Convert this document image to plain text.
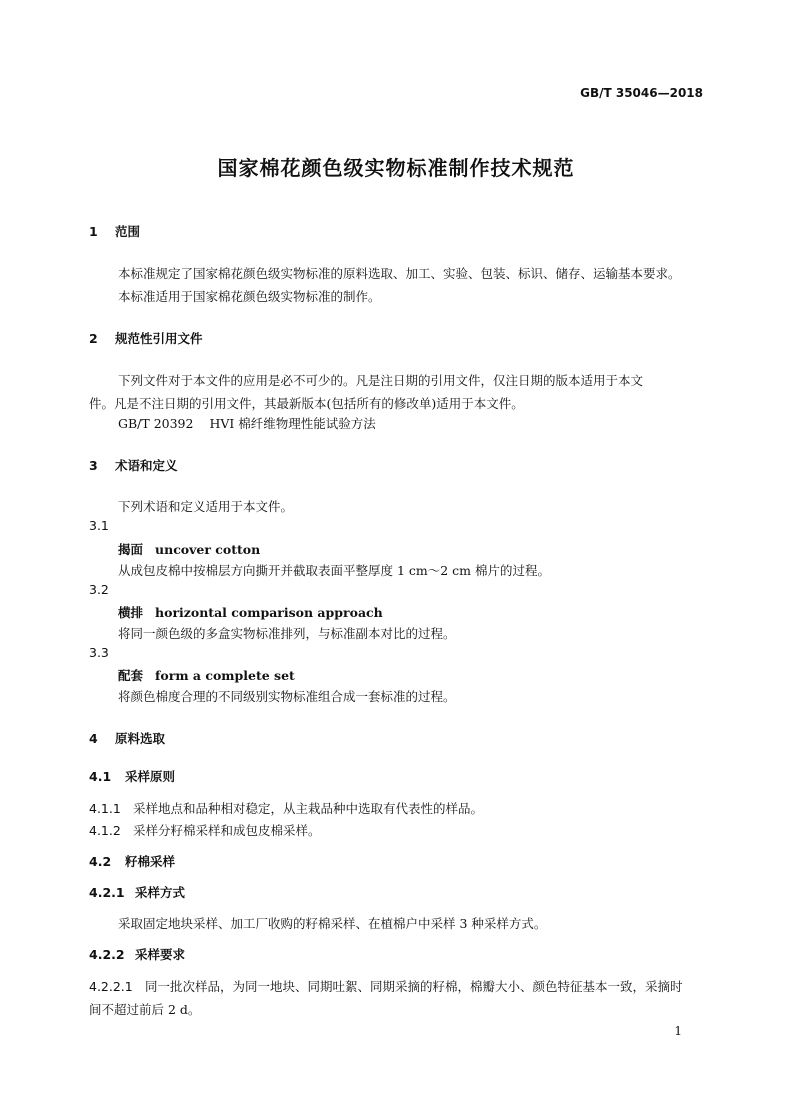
GB/T 35046—2018
国家棉花颜色级实物标准制作技术规范
1 范围
本标准规定了国家棉花颜色级实物标准的原料选取、加工、实验、包装、标识、储存、运输基本要求。
本标准适用于国家棉花颜色级实物标准的制作。
2 规范性引用文件
下列文件对于本文件的应用是必不可少的。凡是注日期的引用文件，仅注日期的版本适用于本文
件。凡是不注日期的引用文件，其最新版本(包括所有的修改单)适用于本文件。
GB/T 20392 HVI 棉纤维物理性能试验方法
3 术语和定义
下列术语和定义适用于本文件。
3.1
揭面 uncover cotton
从成包皮棉中按棉层方向撕开并截取表面平整厚度 1 cm～2 cm 棉片的过程。
3.2
横排 horizontal comparison approach
将同一颜色级的多盒实物标准排列，与标准副本对比的过程。
3.3
配套 form a complete set
将颜色棉度合理的不同级别实物标准组合成一套标准的过程。
4 原料选取
4.1 采样原则
4.1.1 采样地点和品种相对稳定，从主栽品种中选取有代表性的样品。
4.1.2 采样分籽棉采样和成包皮棉采样。
4.2 籽棉采样
4.2.1 采样方式
采取固定地块采样、加工厂收购的籽棉采样、在植棉户中采样 3 种采样方式。
4.2.2 采样要求
4.2.2.1 同一批次样品，为同一地块、同期吐絮、同期采摘的籽棉，棉瓣大小、颜色特征基本一致，采摘时
间不超过前后 2 d。
1
